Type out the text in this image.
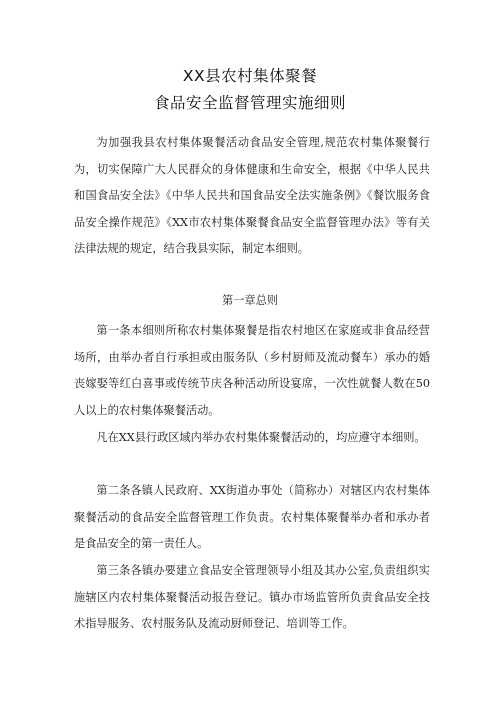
XX县农村集体聚餐
食品安全监督管理实施细则

为加强我县农村集体聚餐活动食品安全管理,规范农村集体聚餐行为，切实保障广大人民群众的身体健康和生命安全，根据《中华人民共和国食品安全法》《中华人民共和国食品安全法实施条例》《餐饮服务食品安全操作规范》《XX市农村集体聚餐食品安全监督管理办法》等有关法律法规的规定，结合我县实际，制定本细则。

第一章总则

第一条本细则所称农村集体聚餐是指农村地区在家庭或非食品经营场所，由举办者自行承担或由服务队（乡村厨师及流动餐车）承办的婚丧嫁娶等红白喜事或传统节庆各种活动所设宴席，一次性就餐人数在50人以上的农村集体聚餐活动。

凡在XX县行政区域内举办农村集体聚餐活动的，均应遵守本细则。

第二条各镇人民政府、XX街道办事处（简称办）对辖区内农村集体聚餐活动的食品安全监督管理工作负责。农村集体聚餐举办者和承办者是食品安全的第一责任人。

第三条各镇办要建立食品安全管理领导小组及其办公室,负责组织实施辖区内农村集体聚餐活动报告登记。镇办市场监管所负责食品安全技术指导服务、农村服务队及流动厨师登记、培训等工作。
